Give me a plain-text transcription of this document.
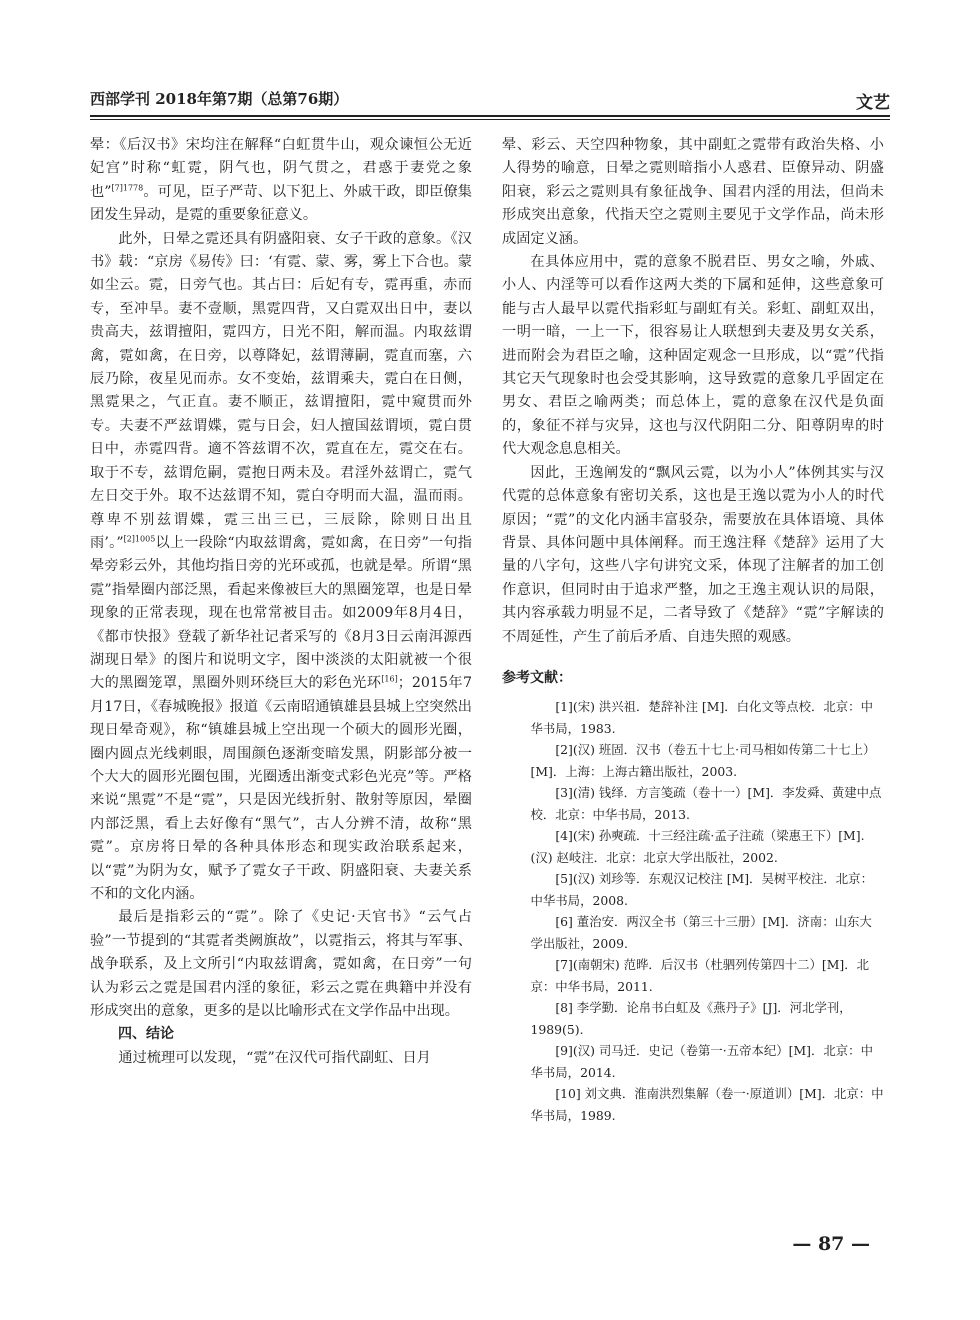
西部学刊 2018年第7期（总第76期）	文艺

晕：《后汉书》宋均注在解释“白虹贯牛山，观众谏恒公无近妃宫”时称“虹霓，阴气也，阴气贯之，君惑于妻党之象也”$^{[7]1778}$。可见，臣子严苛、以下犯上、外戚干政，即臣僚集团发生异动，是霓的重要象征意义。

此外，日晕之霓还具有阴盛阳衰、女子干政的意象。《汉书》载：“京房《易传》曰：‘有霓、蒙、雾，雾上下合也。蒙如尘云。霓，日旁气也。其占曰：后妃有专，霓再重，赤而专，至冲旱。妻不壹顺，黑霓四背，又白霓双出日中，妻以贵高夫，兹谓擅阳，霓四方，日光不阳，解而温。内取兹谓禽，霓如禽，在日旁，以尊降妃，兹谓薄嗣，霓直而塞，六辰乃除，夜星见而赤。女不变始，兹谓乘夫，霓白在日侧，黑霓果之，气正直。妻不顺正，兹谓擅阳，霓中窥贯而外专。夫妻不严兹谓媟，霓与日会，妇人擅国兹谓顷，霓白贯日中，赤霓四背。適不答兹谓不次，霓直在左，霓交在右。取于不专，兹谓危嗣，霓抱日两未及。君淫外兹谓亡，霓气左日交于外。取不达兹谓不知，霓白夺明而大温，温而雨。尊卑不别兹谓媟，霓三出三已，三辰除，除则日出且雨’。”$^{[2]1005}$以上一段除“内取兹谓禽，霓如禽，在日旁”一句指晕旁彩云外，其他均指日旁的光环或孤，也就是晕。所谓“黑霓”指晕圈内部泛黑，看起来像被巨大的黑圈笼罩，也是日晕现象的正常表现，现在也常常被目击。如2009年8月4日，《都市快报》登载了新华社记者采写的《8月3日云南洱源西湖现日晕》的图片和说明文字，图中淡淡的太阳就被一个很大的黑圈笼罩，黑圈外则环绕巨大的彩色光环[16]；2015年7月17日，《春城晚报》报道《云南昭通镇雄县县城上空突然出现日晕奇观》，称“镇雄县城上空出现一个硕大的圆形光圈，圈内圆点光线刺眼，周围颜色逐渐变暗发黑，阴影部分被一个大大的圆形光圈包围，光圈透出渐变式彩色光亮”等。严格来说“黑霓”不是“霓”，只是因光线折射、散射等原因，晕圈内部泛黑，看上去好像有“黑气”，古人分辨不清，故称“黑霓”。京房将日晕的各种具体形态和现实政治联系起来，以“霓”为阴为女，赋予了霓女子干政、阴盛阳衰、夫妻关系不和的文化内涵。

最后是指彩云的“霓”。除了《史记·天官书》“云气占验”一节提到的“其霓者类阙旗故”，以霓指云，将其与军事、战争联系，及上文所引“内取兹谓禽，霓如禽，在日旁”一句认为彩云之霓是国君内淫的象征，彩云之霓在典籍中并没有形成突出的意象，更多的是以比喻形式在文学作品中出现。

四、结论

通过梳理可以发现，“霓”在汉代可指代副虹、日月

晕、彩云、天空四种物象，其中副虹之霓带有政治失格、小人得势的喻意，日晕之霓则暗指小人惑君、臣僚异动、阴盛阳衰，彩云之霓则具有象征战争、国君内淫的用法，但尚未形成突出意象，代指天空之霓则主要见于文学作品，尚未形成固定义涵。

在具体应用中，霓的意象不脱君臣、男女之喻，外戚、小人、内淫等可以看作这两大类的下属和延伸，这些意象可能与古人最早以霓代指彩虹与副虹有关。彩虹、副虹双出，一明一暗，一上一下，很容易让人联想到夫妻及男女关系，进而附会为君臣之喻，这种固定观念一旦形成，以“霓”代指其它天气现象时也会受其影响，这导致霓的意象几乎固定在男女、君臣之喻两类；而总体上，霓的意象在汉代是负面的，象征不祥与灾异，这也与汉代阴阳二分、阳尊阴卑的时代大观念息息相关。

因此，王逸阐发的“飘风云霓，以为小人”体例其实与汉代霓的总体意象有密切关系，这也是王逸以霓为小人的时代原因；“霓”的文化内涵丰富驳杂，需要放在具体语境、具体背景、具体问题中具体阐释。而王逸注释《楚辞》运用了大量的八字句，这些八字句讲究文采，体现了注解者的加工创作意识，但同时由于追求严整，加之王逸主观认识的局限，其内容承载力明显不足，二者导致了《楚辞》“霓”字解读的不周延性，产生了前后矛盾、自违失照的观感。

参考文献：

[1](宋) 洪兴祖．楚辞补注 [M]．白化文等点校．北京：中华书局，1983.

[2](汉) 班固．汉书（卷五十七上·司马相如传第二十七上）[M]．上海：上海古籍出版社，2003.

[3](清) 钱绎．方言笺疏（卷十一）[M]．李发舜、黄建中点校．北京：中华书局，2013.

[4](宋) 孙奭疏．十三经注疏·孟子注疏（梁惠王下）[M].(汉) 赵岐注．北京：北京大学出版社，2002.

[5](汉) 刘珍等．东观汉记校注 [M]．吴树平校注．北京：中华书局，2008.

[6] 董治安．两汉全书（第三十三册）[M]．济南：山东大学出版社，2009.

[7](南朝宋) 范晔．后汉书（杜驷列传第四十二）[M]．北京：中华书局，2011.

[8] 李学勤．论帛书白虹及《燕丹子》[J]．河北学刊，1989(5).

[9](汉) 司马迁．史记（卷第一·五帝本纪）[M]．北京：中华书局，2014.

[10] 刘文典．淮南洪烈集解（卷一·原道训）[M]．北京：中华书局，1989.

— 87 —
